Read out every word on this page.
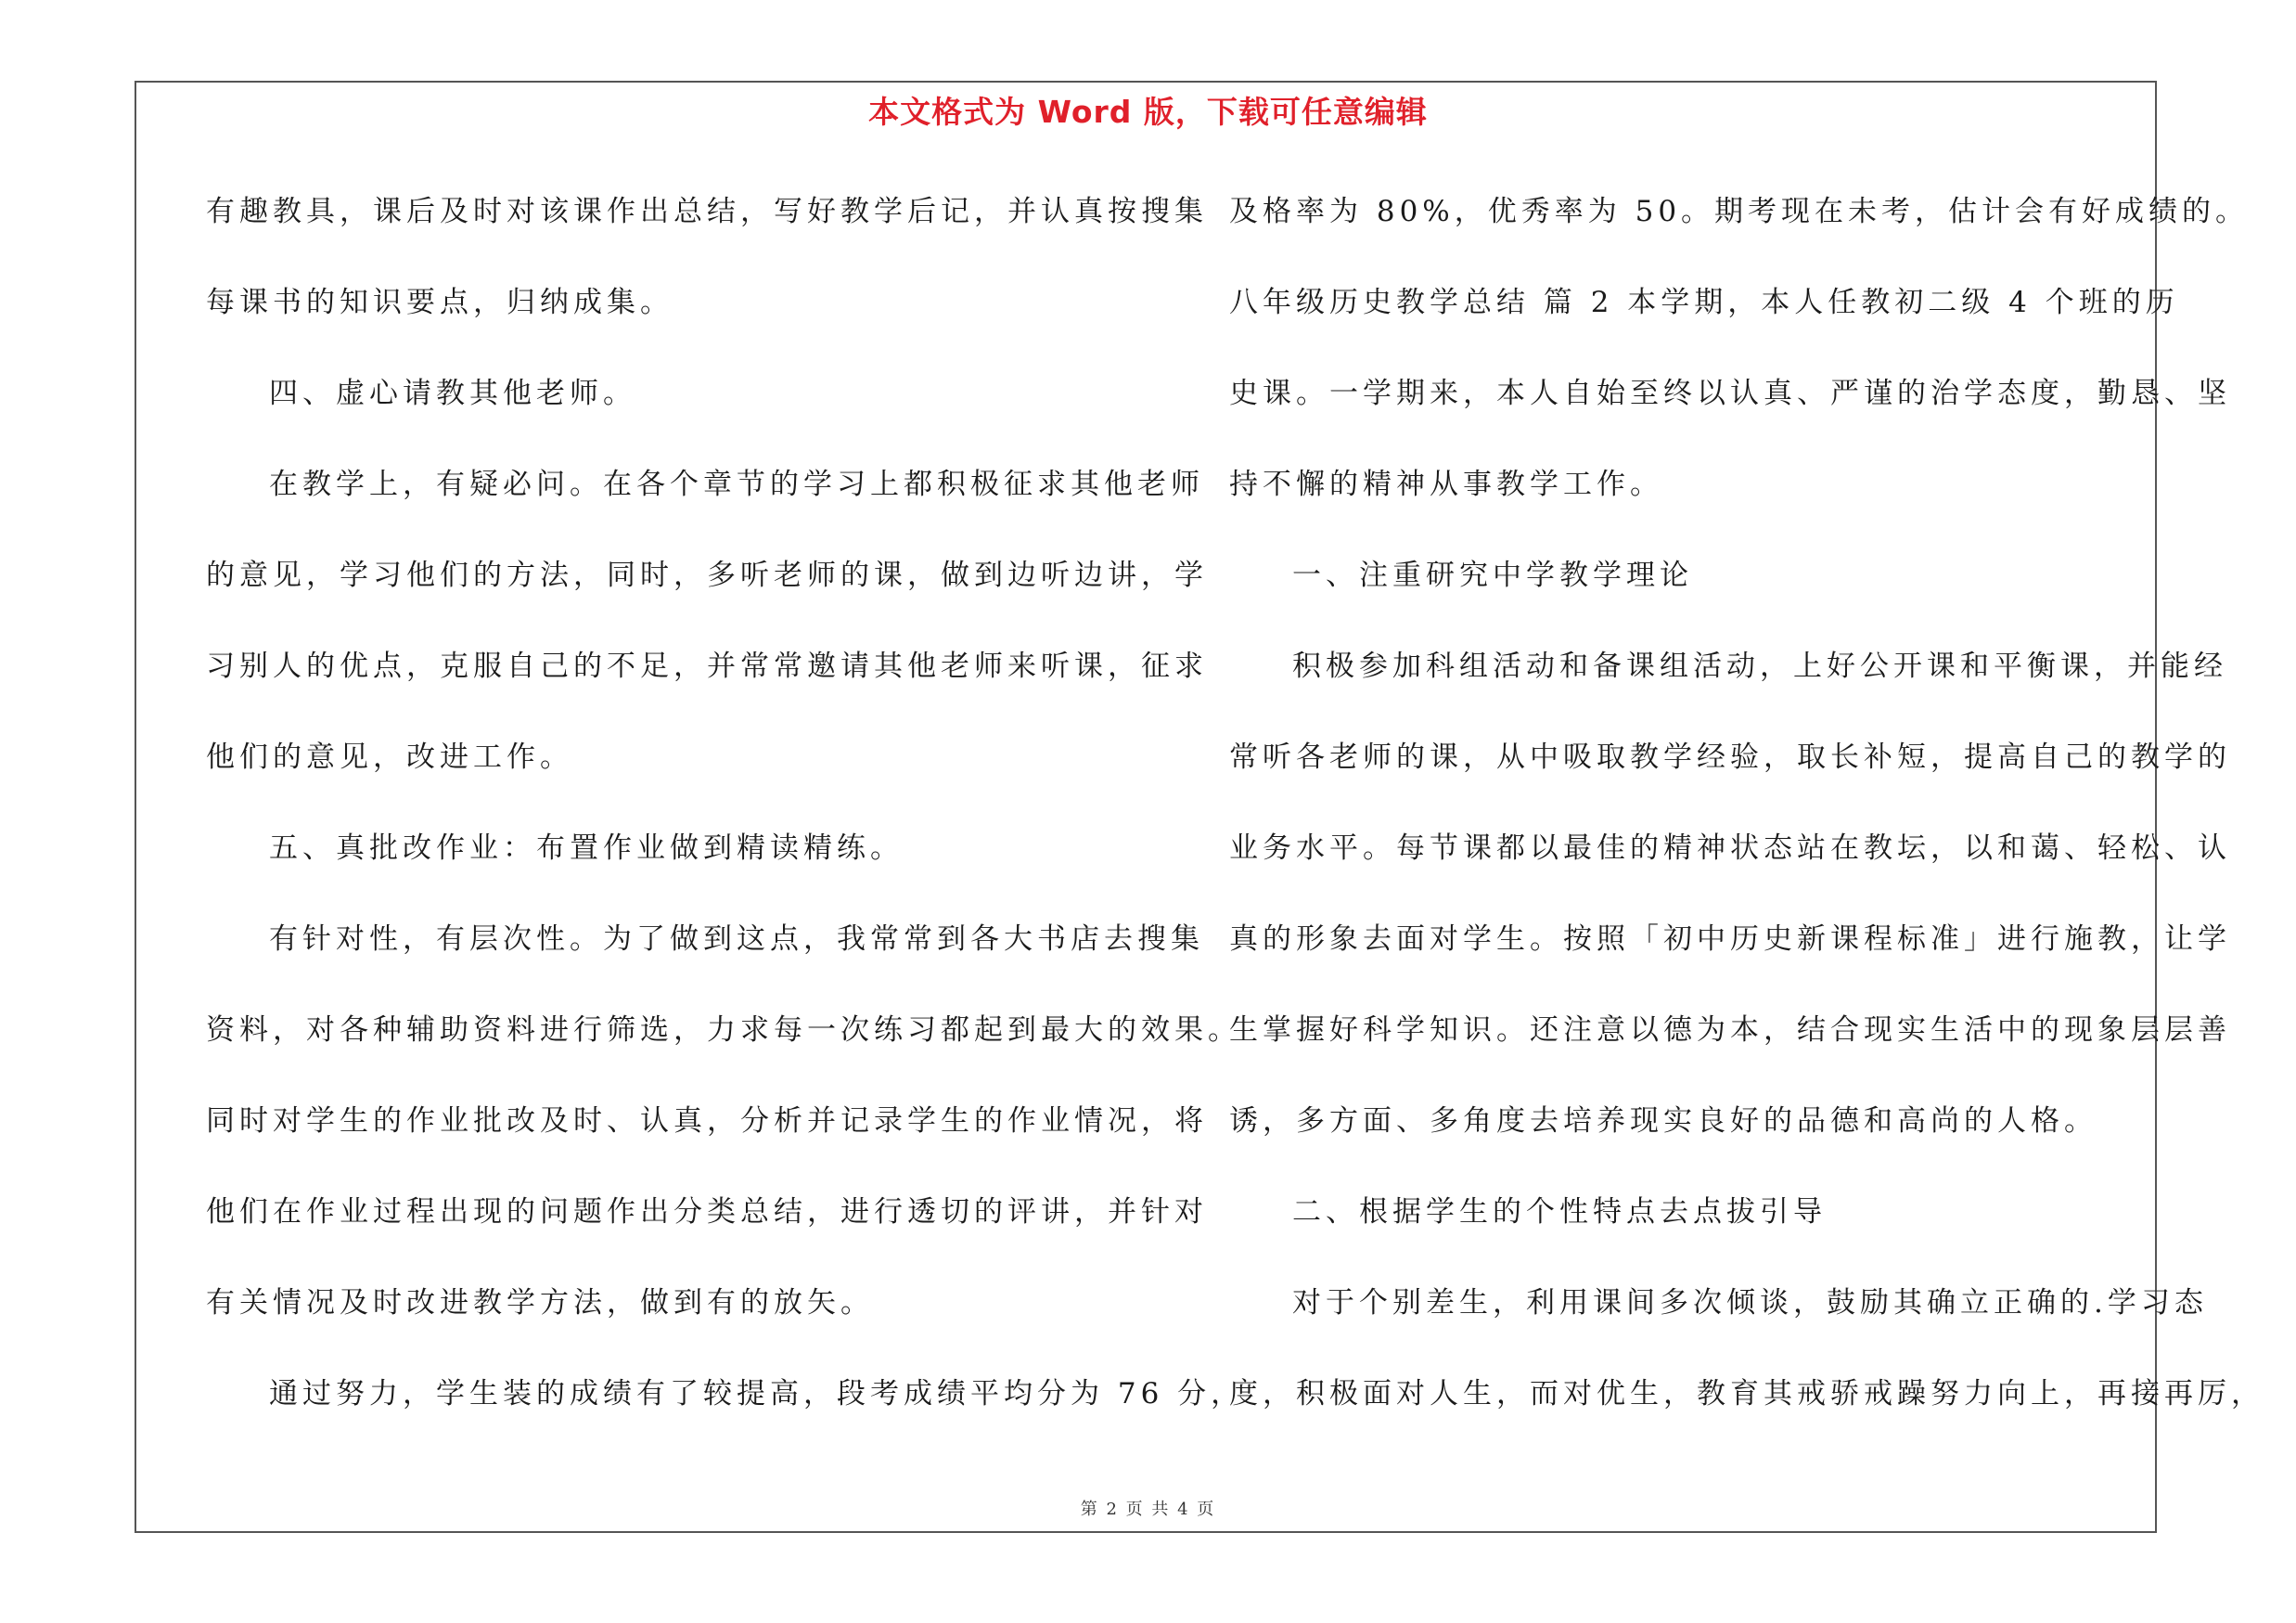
本文格式为 Word 版，下载可任意编辑
有趣教具，课后及时对该课作出总结，写好教学后记，并认真按搜集
每课书的知识要点，归纳成集。
四、虚心请教其他老师。
在教学上，有疑必问。在各个章节的学习上都积极征求其他老师
的意见，学习他们的方法，同时，多听老师的课，做到边听边讲，学
习别人的优点，克服自己的不足，并常常邀请其他老师来听课，征求
他们的意见，改进工作。
五、真批改作业：布置作业做到精读精练。
有针对性，有层次性。为了做到这点，我常常到各大书店去搜集
资料，对各种辅助资料进行筛选，力求每一次练习都起到最大的效果。
同时对学生的作业批改及时、认真，分析并记录学生的作业情况，将
他们在作业过程出现的问题作出分类总结，进行透切的评讲，并针对
有关情况及时改进教学方法，做到有的放矢。
通过努力，学生装的成绩有了较提高，段考成绩平均分为 76 分，
及格率为 80%，优秀率为 50。期考现在未考，估计会有好成绩的。
八年级历史教学总结 篇 2 本学期，本人任教初二级 4 个班的历
史课。一学期来，本人自始至终以认真、严谨的治学态度，勤恳、坚
持不懈的精神从事教学工作。
一、注重研究中学教学理论
积极参加科组活动和备课组活动，上好公开课和平衡课，并能经
常听各老师的课，从中吸取教学经验，取长补短，提高自己的教学的
业务水平。每节课都以最佳的精神状态站在教坛，以和蔼、轻松、认
真的形象去面对学生。按照「初中历史新课程标准」进行施教，让学
生掌握好科学知识。还注意以德为本，结合现实生活中的现象层层善
诱，多方面、多角度去培养现实良好的品德和高尚的人格。
二、根据学生的个性特点去点拔引导
对于个别差生，利用课间多次倾谈，鼓励其确立正确的.学习态
度，积极面对人生，而对优生，教育其戒骄戒躁努力向上，再接再厉，
第 2 页 共 4 页
